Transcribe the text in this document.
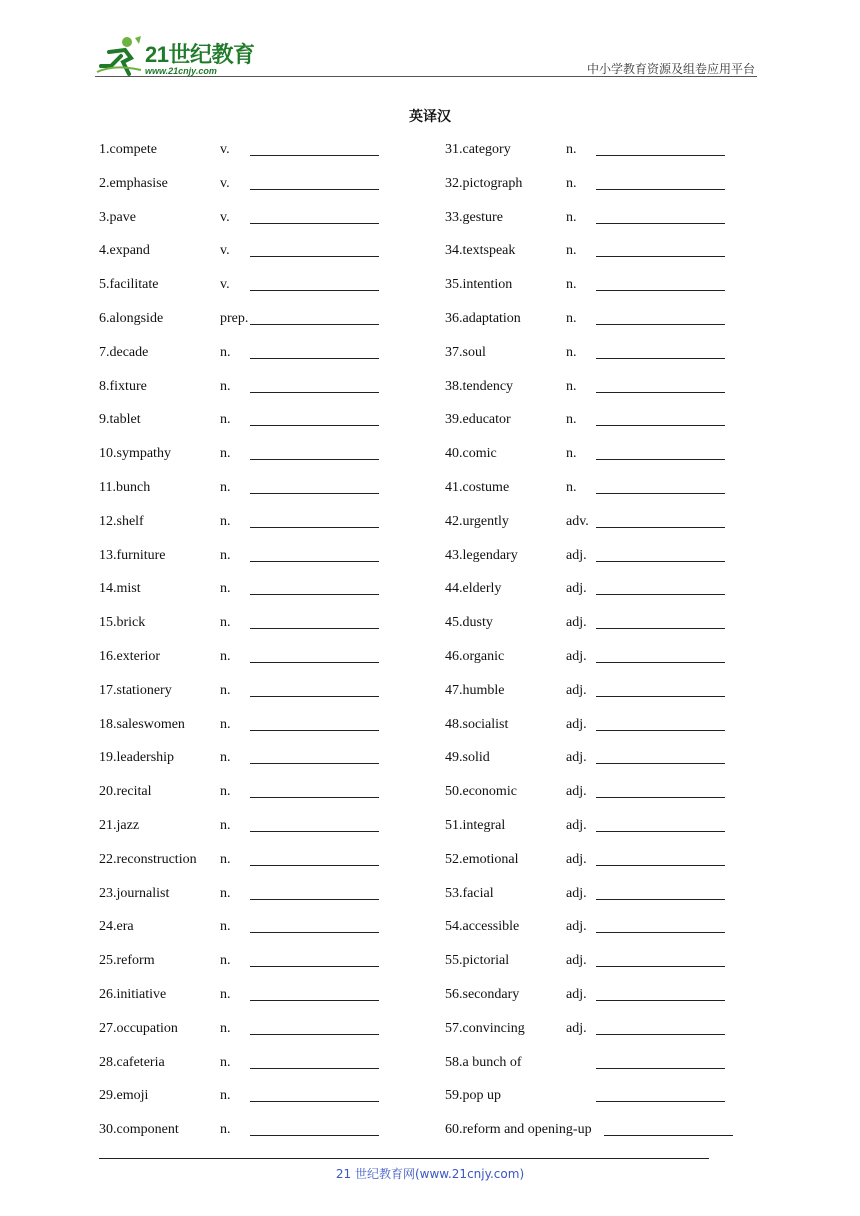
21世纪教育
www.21cnjy.com	中小学教育资源及组卷应用平台
英译汉
1.compete	v.
2.emphasise	v.
3.pave	v.
4.expand	v.
5.facilitate	v.
6.alongside	prep.
7.decade	n.
8.fixture	n.
9.tablet	n.
10.sympathy	n.
11.bunch	n.
12.shelf	n.
13.furniture	n.
14.mist	n.
15.brick	n.
16.exterior	n.
17.stationery	n.
18.saleswomen	n.
19.leadership	n.
20.recital	n.
21.jazz	n.
22.reconstruction n.
23.journalist	n.
24.era	n.
25.reform	n.
26.initiative	n.
27.occupation	n.
28.cafeteria	n.
29.emoji	n.
30.component	n.
31.category	n.
32.pictograph	n.
33.gesture	n.
34.textspeak	n.
35.intention	n.
36.adaptation	n.
37.soul	n.
38.tendency	n.
39.educator	n.
40.comic	n.
41.costume	n.
42.urgently	adv.
43.legendary	adj.
44.elderly	adj.
45.dusty	adj.
46.organic	adj.
47.humble	adj.
48.socialist	adj.
49.solid	adj.
50.economic	adj.
51.integral	adj.
52.emotional	adj.
53.facial	adj.
54.accessible	adj.
55.pictorial	adj.
56.secondary	adj.
57.convincing	adj.
58.a bunch of
59.pop up
60.reform and opening-up
21 世纪教育网(www.21cnjy.com)
